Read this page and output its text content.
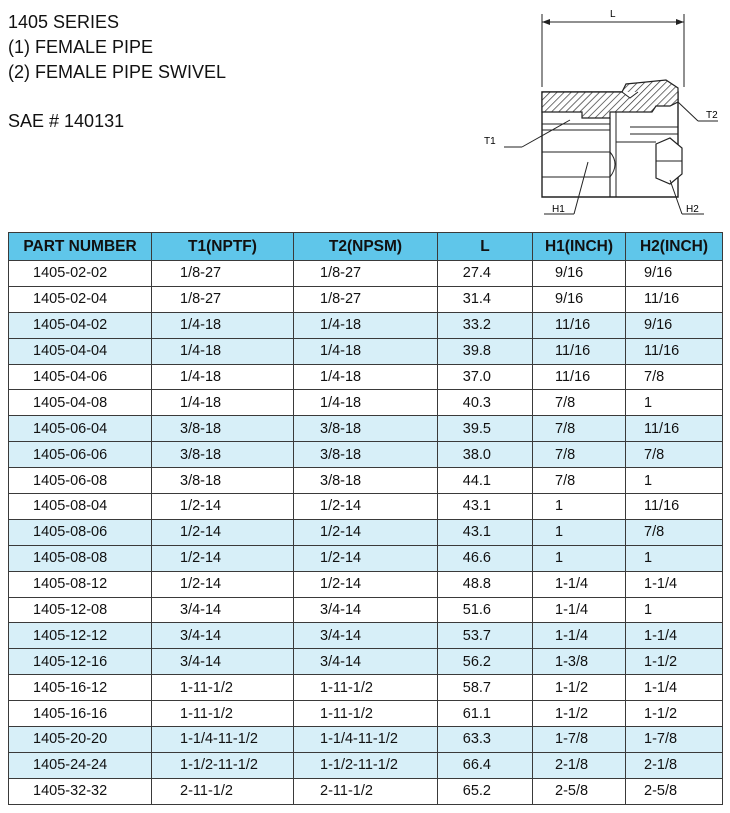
1405 SERIES
(1) FEMALE PIPE
(2) FEMALE PIPE SWIVEL
SAE # 140131
L
T1
T2
H1	H2
PART NUMBER	T1(NPTF)	T2(NPSM)	L	H1(INCH)	H2(INCH)
1405-02-02	1/8-27	1/8-27	27.4	9/16	9/16
1405-02-04	1/8-27	1/8-27	31.4	9/16	11/16
1405-04-02	1/4-18	1/4-18	33.2	11/16	9/16
1405-04-04	1/4-18	1/4-18	39.8	11/16	11/16
1405-04-06	1/4-18	1/4-18	37.0	11/16	7/8
1405-04-08	1/4-18	1/4-18	40.3	7/8	1
1405-06-04	3/8-18	3/8-18	39.5	7/8	11/16
1405-06-06	3/8-18	3/8-18	38.0	7/8	7/8
1405-06-08	3/8-18	3/8-18	44.1	7/8	1
1405-08-04	1/2-14	1/2-14	43.1	1	11/16
1405-08-06	1/2-14	1/2-14	43.1	1	7/8
1405-08-08	1/2-14	1/2-14	46.6	1	1
1405-08-12	1/2-14	1/2-14	48.8	1-1/4	1-1/4
1405-12-08	3/4-14	3/4-14	51.6	1-1/4	1
1405-12-12	3/4-14	3/4-14	53.7	1-1/4	1-1/4
1405-12-16	3/4-14	3/4-14	56.2	1-3/8	1-1/2
1405-16-12	1-11-1/2	1-11-1/2	58.7	1-1/2	1-1/4
1405-16-16	1-11-1/2	1-11-1/2	61.1	1-1/2	1-1/2
1405-20-20	1-1/4-11-1/2	1-1/4-11-1/2	63.3	1-7/8	1-7/8
1405-24-24	1-1/2-11-1/2	1-1/2-11-1/2	66.4	2-1/8	2-1/8
1405-32-32	2-11-1/2	2-11-1/2	65.2	2-5/8	2-5/8
